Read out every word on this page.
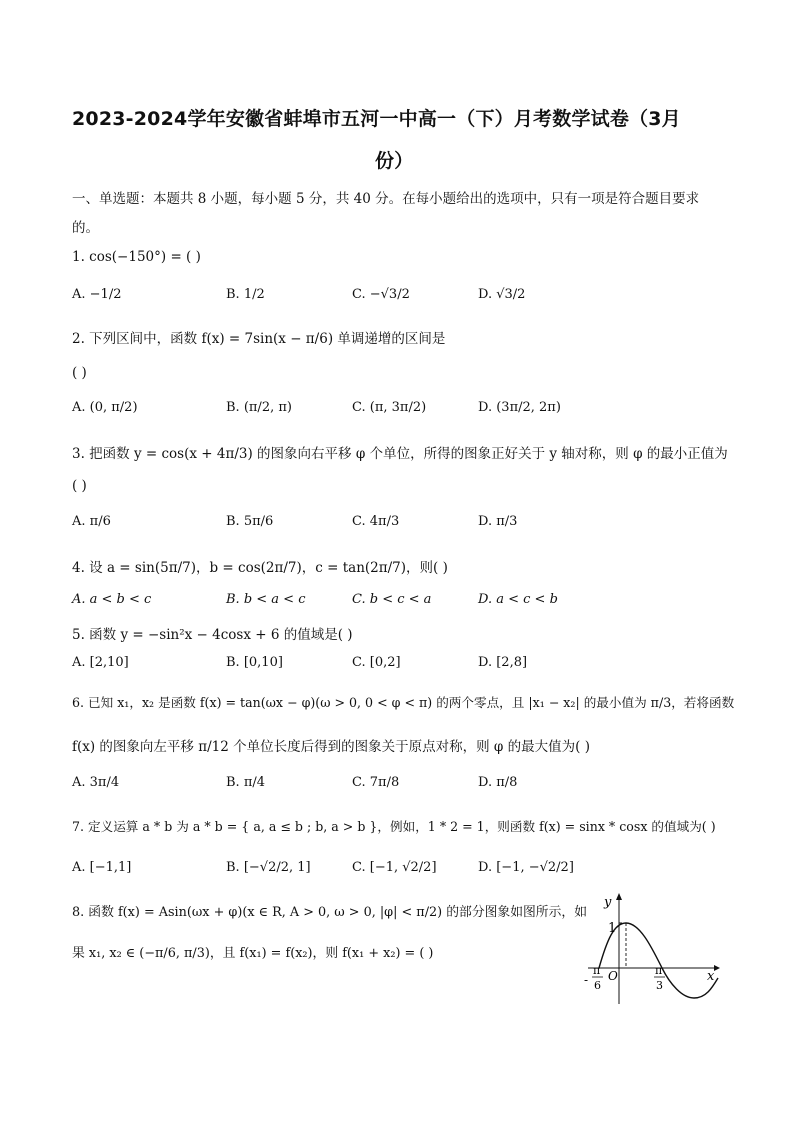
2023-2024学年安徽省蚌埠市五河一中高一（下）月考数学试卷（3月
份）
一、单选题：本题共 8 小题，每小题 5 分，共 40 分。在每小题给出的选项中，只有一项是符合题目要求
的。
1. cos(−150°) = ( )
A. −1/2	B. 1/2	C. −√3/2	D. √3/2
2. 下列区间中，函数 f(x) = 7sin(x − π/6) 单调递增的区间是
( )
A. (0, π/2)	B. (π/2, π)	C. (π, 3π/2)	D. (3π/2, 2π)
3. 把函数 y = cos(x + 4π/3) 的图象向右平移 φ 个单位，所得的图象正好关于 y 轴对称，则 φ 的最小正值为
( )
A. π/6	B. 5π/6	C. 4π/3	D. π/3
4. 设 a = sin(5π/7)，b = cos(2π/7)，c = tan(2π/7)，则( )
A. a < b < c	B. b < a < c	C. b < c < a	D. a < c < b
5. 函数 y = −sin²x − 4cosx + 6 的值域是( )
A. [2,10]	B. [0,10]	C. [0,2]	D. [2,8]
6. 已知 x₁，x₂ 是函数 f(x) = tan(ωx − φ)(ω > 0, 0 < φ < π) 的两个零点，且 |x₁ − x₂| 的最小值为 π/3，若将函数
f(x) 的图象向左平移 π/12 个单位长度后得到的图象关于原点对称，则 φ 的最大值为( )
A. 3π/4	B. π/4	C. 7π/8	D. π/8
7. 定义运算 a * b 为 a * b = { a, a ≤ b ; b, a > b }，例如，1 * 2 = 1，则函数 f(x) = sinx * cosx 的值域为( )
A. [−1,1]	B. [−√2/2, 1]	C. [−1, √2/2]	D. [−1, −√2/2]
8. 函数 f(x) = Asin(ωx + φ)(x ∈ R, A > 0, ω > 0, |φ| < π/2) 的部分图象如图所示，如
果 x₁, x₂ ∈ (−π/6, π/3)，且 f(x₁) = f(x₂)，则 f(x₁ + x₂) = ( )
y
x
1
O
-
π
6
π
3
